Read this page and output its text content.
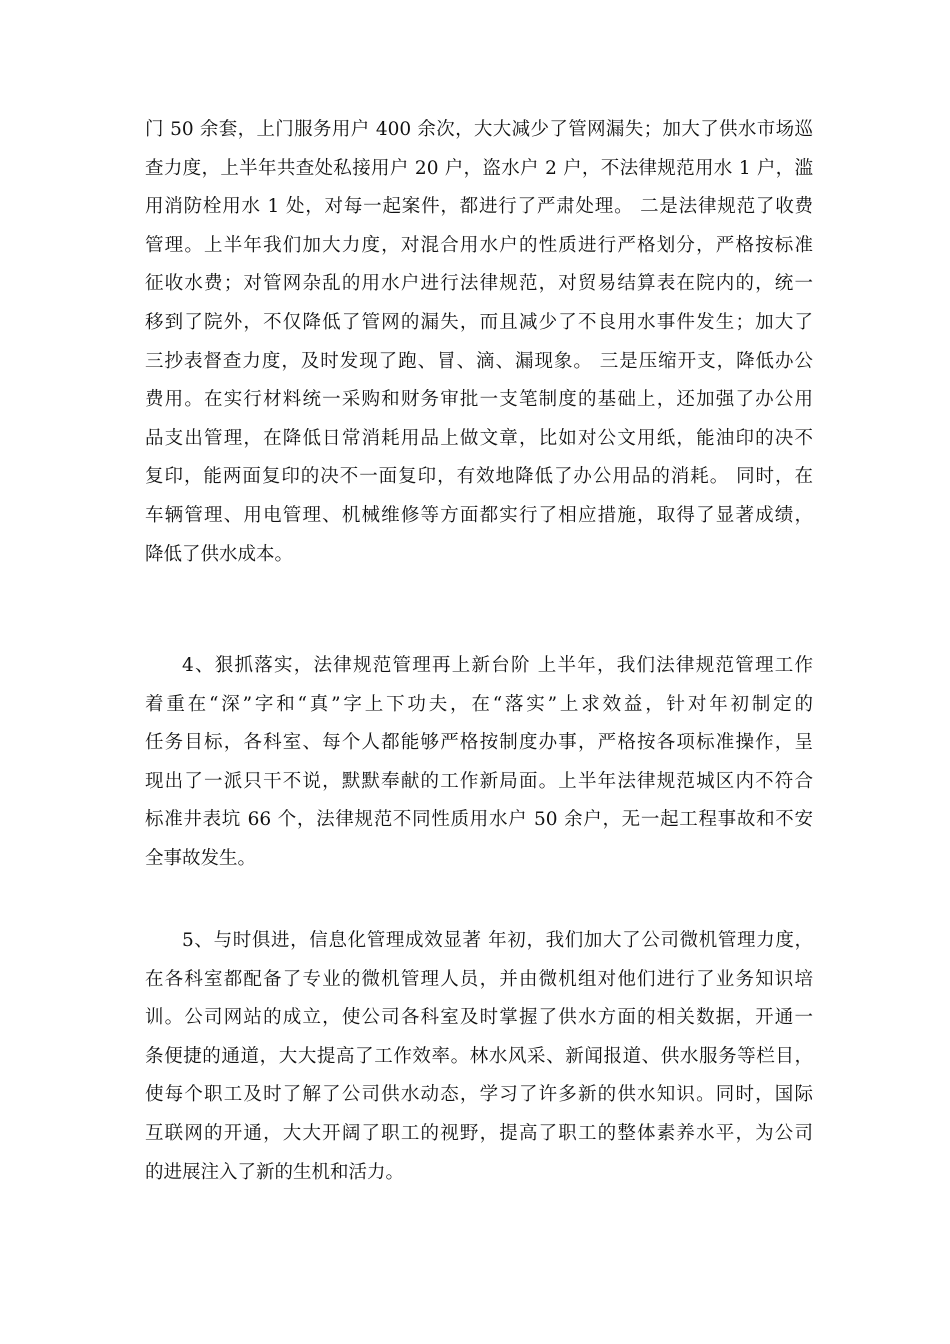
门 50 余套，上门服务用户 400 余次，大大减少了管网漏失；加大了供水市场巡
查力度，上半年共查处私接用户 20 户，盗水户 2 户，不法律规范用水 1 户，滥
用消防栓用水 1 处，对每一起案件，都进行了严肃处理。 二是法律规范了收费
管理。上半年我们加大力度，对混合用水户的性质进行严格划分，严格按标准
征收水费；对管网杂乱的用水户进行法律规范，对贸易结算表在院内的，统一
移到了院外，不仅降低了管网的漏失，而且减少了不良用水事件发生；加大了
三抄表督查力度，及时发现了跑、冒、滴、漏现象。 三是压缩开支，降低办公
费用。在实行材料统一采购和财务审批一支笔制度的基础上，还加强了办公用
品支出管理，在降低日常消耗用品上做文章，比如对公文用纸，能油印的决不
复印，能两面复印的决不一面复印，有效地降低了办公用品的消耗。 同时，在
车辆管理、用电管理、机械维修等方面都实行了相应措施，取得了显著成绩，
降低了供水成本。
4、狠抓落实，法律规范管理再上新台阶 上半年，我们法律规范管理工作
着重在“深”字和“真”字上下功夫，在“落实”上求效益，针对年初制定的
任务目标，各科室、每个人都能够严格按制度办事，严格按各项标准操作，呈
现出了一派只干不说，默默奉献的工作新局面。上半年法律规范城区内不符合
标准井表坑 66 个，法律规范不同性质用水户 50 余户，无一起工程事故和不安
全事故发生。
5、与时俱进，信息化管理成效显著 年初，我们加大了公司微机管理力度，
在各科室都配备了专业的微机管理人员，并由微机组对他们进行了业务知识培
训。公司网站的成立，使公司各科室及时掌握了供水方面的相关数据，开通一
条便捷的通道，大大提高了工作效率。林水风采、新闻报道、供水服务等栏目，
使每个职工及时了解了公司供水动态，学习了许多新的供水知识。同时，国际
互联网的开通，大大开阔了职工的视野，提高了职工的整体素养水平，为公司
的进展注入了新的生机和活力。
